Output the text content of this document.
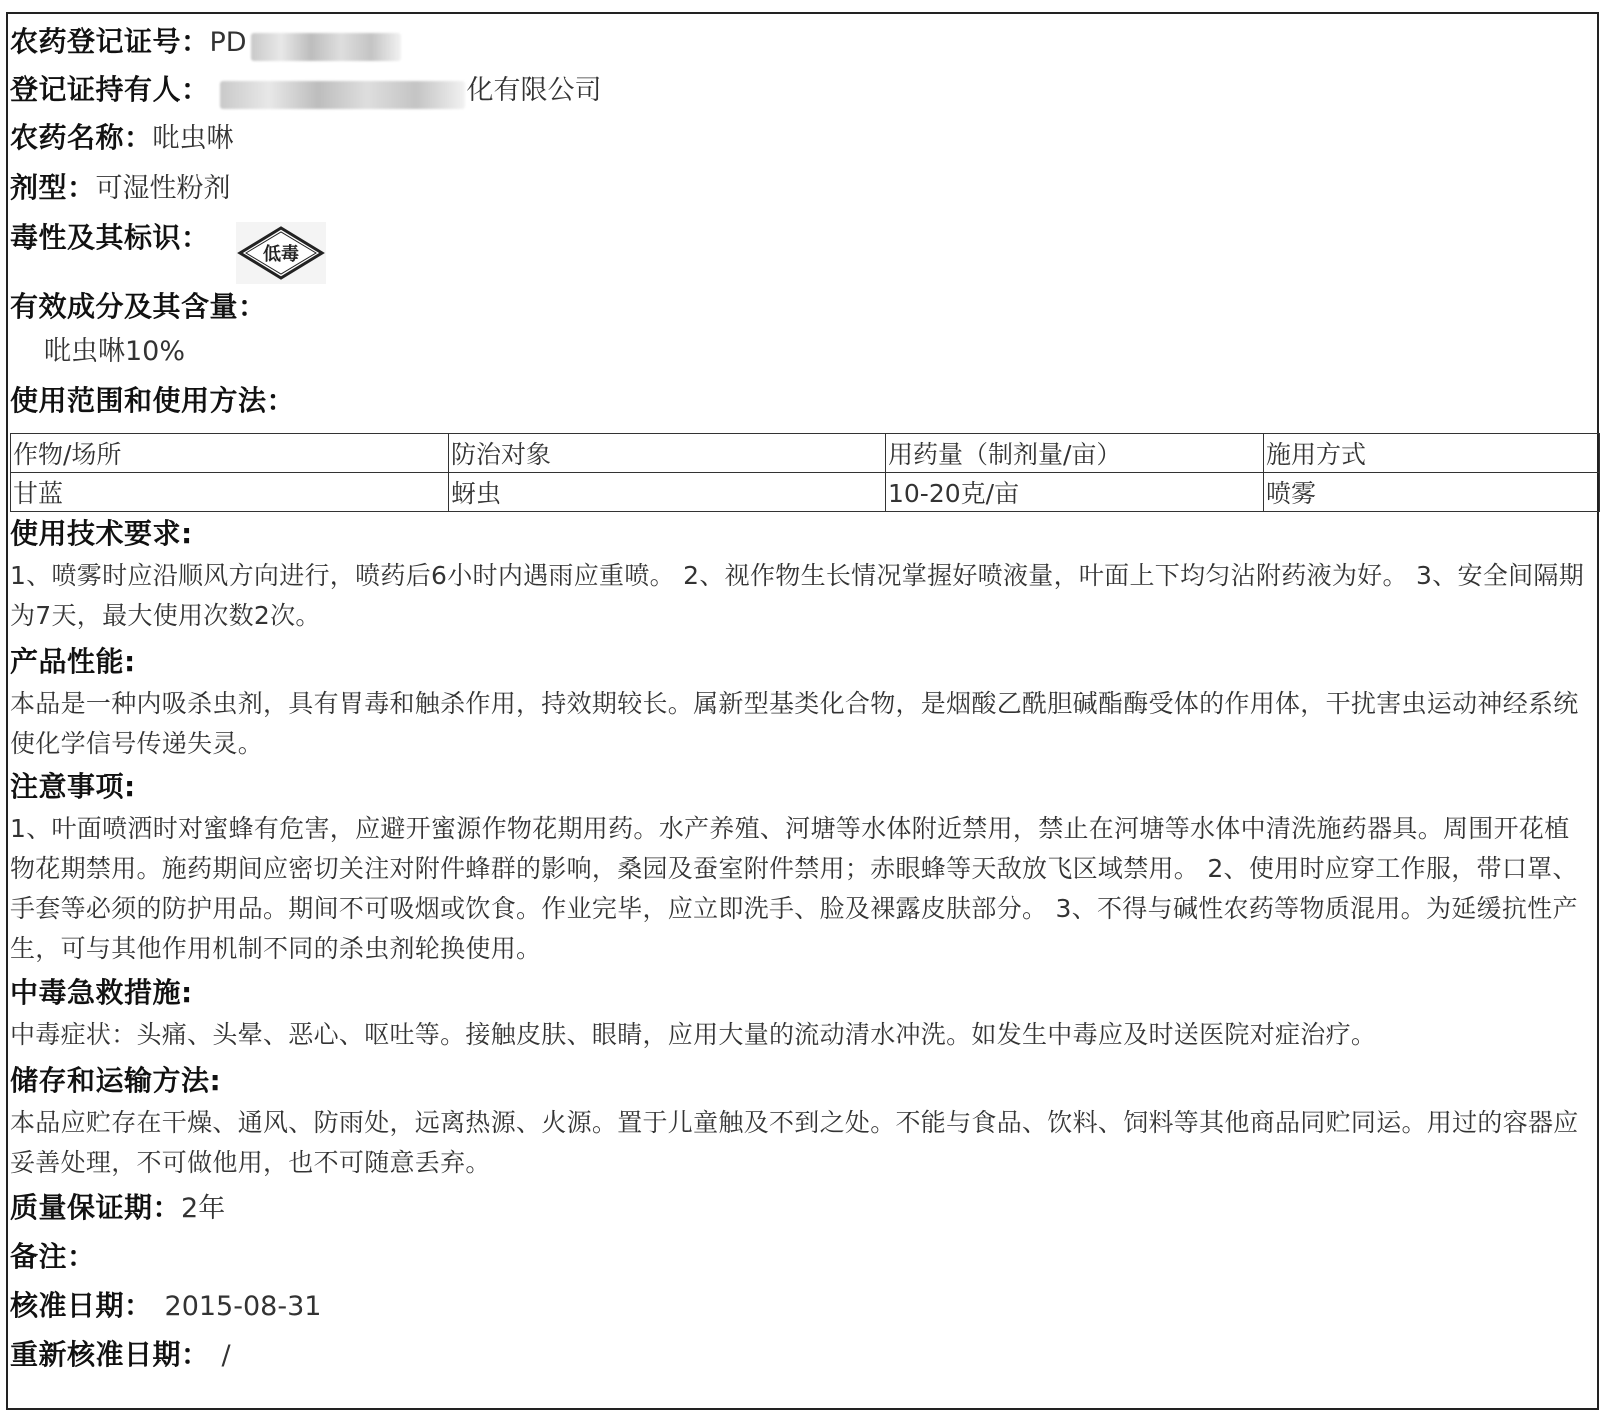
农药登记证号：PD
登记证持有人：	化有限公司
农药名称：吡虫啉
剂型：可湿性粉剂
毒性及其标识：
低毒
有效成分及其含量：
吡虫啉10%
使用范围和使用方法：
作物/场所	防治对象	用药量（制剂量/亩）	施用方式
甘蓝	蚜虫	10-20克/亩	喷雾
使用技术要求:
1、喷雾时应沿顺风方向进行，喷药后6小时内遇雨应重喷。 2、视作物生长情况掌握好喷液量，叶面上下均匀沾附药液为好。 3、安全间隔期为7天，最大使用次数2次。
产品性能:
本品是一种内吸杀虫剂，具有胃毒和触杀作用，持效期较长。属新型基类化合物，是烟酸乙酰胆碱酯酶受体的作用体，干扰害虫运动神经系统使化学信号传递失灵。
注意事项:
1、叶面喷洒时对蜜蜂有危害，应避开蜜源作物花期用药。水产养殖、河塘等水体附近禁用，禁止在河塘等水体中清洗施药器具。周围开花植物花期禁用。施药期间应密切关注对附件蜂群的影响，桑园及蚕室附件禁用；赤眼蜂等天敌放飞区域禁用。 2、使用时应穿工作服，带口罩、手套等必须的防护用品。期间不可吸烟或饮食。作业完毕，应立即洗手、脸及裸露皮肤部分。 3、不得与碱性农药等物质混用。为延缓抗性产生，可与其他作用机制不同的杀虫剂轮换使用。
中毒急救措施:
中毒症状：头痛、头晕、恶心、呕吐等。接触皮肤、眼睛，应用大量的流动清水冲洗。如发生中毒应及时送医院对症治疗。
储存和运输方法:
本品应贮存在干燥、通风、防雨处，远离热源、火源。置于儿童触及不到之处。不能与食品、饮料、饲料等其他商品同贮同运。用过的容器应妥善处理，不可做他用，也不可随意丢弃。
质量保证期：2年
备注：
核准日期： 2015-08-31
重新核准日期： /
